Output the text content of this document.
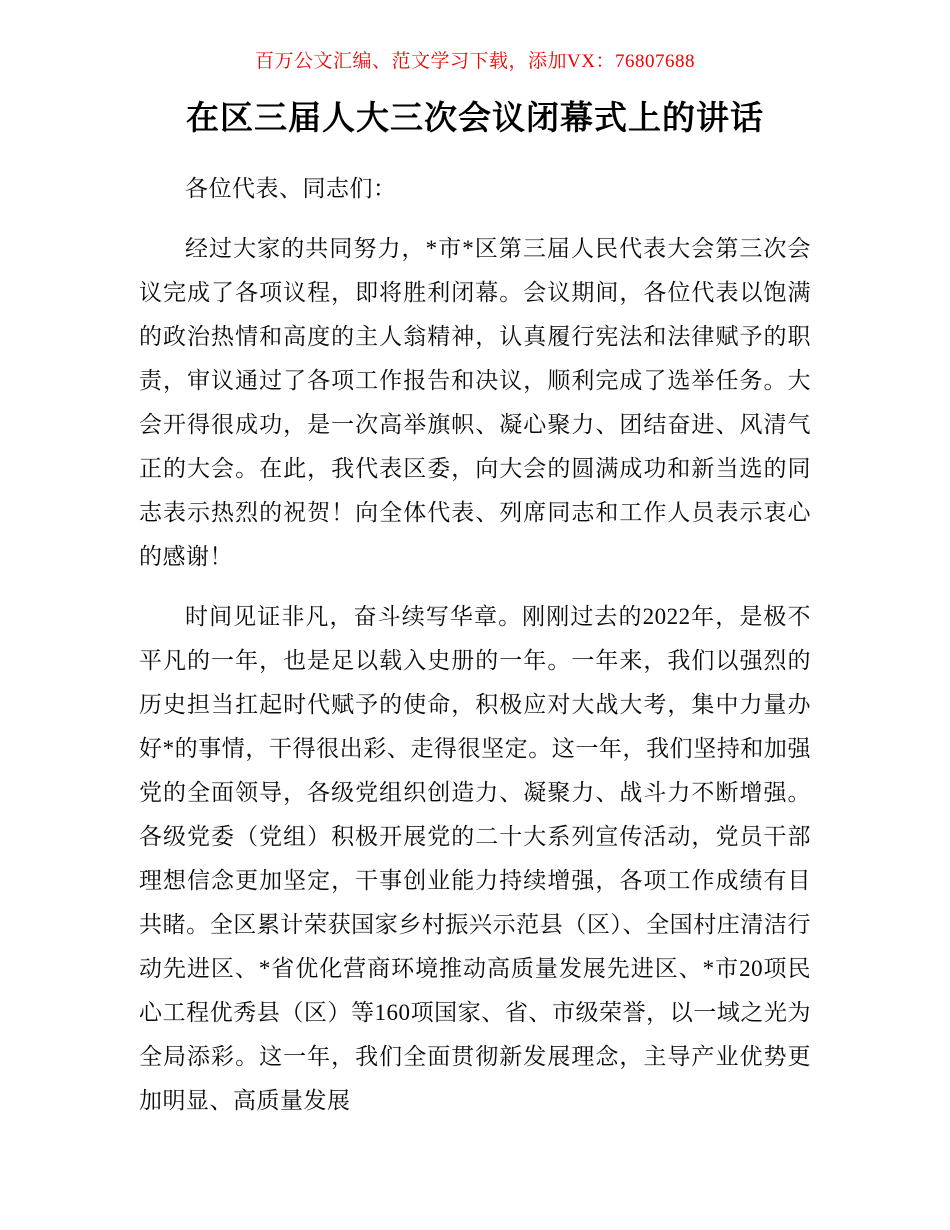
百万公文汇编、范文学习下载，添加VX：76807688
在区三届人大三次会议闭幕式上的讲话

各位代表、同志们：

经过大家的共同努力，*市*区第三届人民代表大会第三次会议完成了各项议程，即将胜利闭幕。会议期间，各位代表以饱满的政治热情和高度的主人翁精神，认真履行宪法和法律赋予的职责，审议通过了各项工作报告和决议，顺利完成了选举任务。大会开得很成功，是一次高举旗帜、凝心聚力、团结奋进、风清气正的大会。在此，我代表区委，向大会的圆满成功和新当选的同志表示热烈的祝贺！向全体代表、列席同志和工作人员表示衷心的感谢！

时间见证非凡，奋斗续写华章。刚刚过去的2022年，是极不平凡的一年，也是足以载入史册的一年。一年来，我们以强烈的历史担当扛起时代赋予的使命，积极应对大战大考，集中力量办好*的事情，干得很出彩、走得很坚定。这一年，我们坚持和加强党的全面领导，各级党组织创造力、凝聚力、战斗力不断增强。各级党委（党组）积极开展党的二十大系列宣传活动，党员干部理想信念更加坚定，干事创业能力持续增强，各项工作成绩有目共睹。全区累计荣获国家乡村振兴示范县（区）、全国村庄清洁行动先进区、*省优化营商环境推动高质量发展先进区、*市20项民心工程优秀县（区）等160项国家、省、市级荣誉，以一域之光为全局添彩。这一年，我们全面贯彻新发展理念，主导产业优势更加明显、高质量发展
